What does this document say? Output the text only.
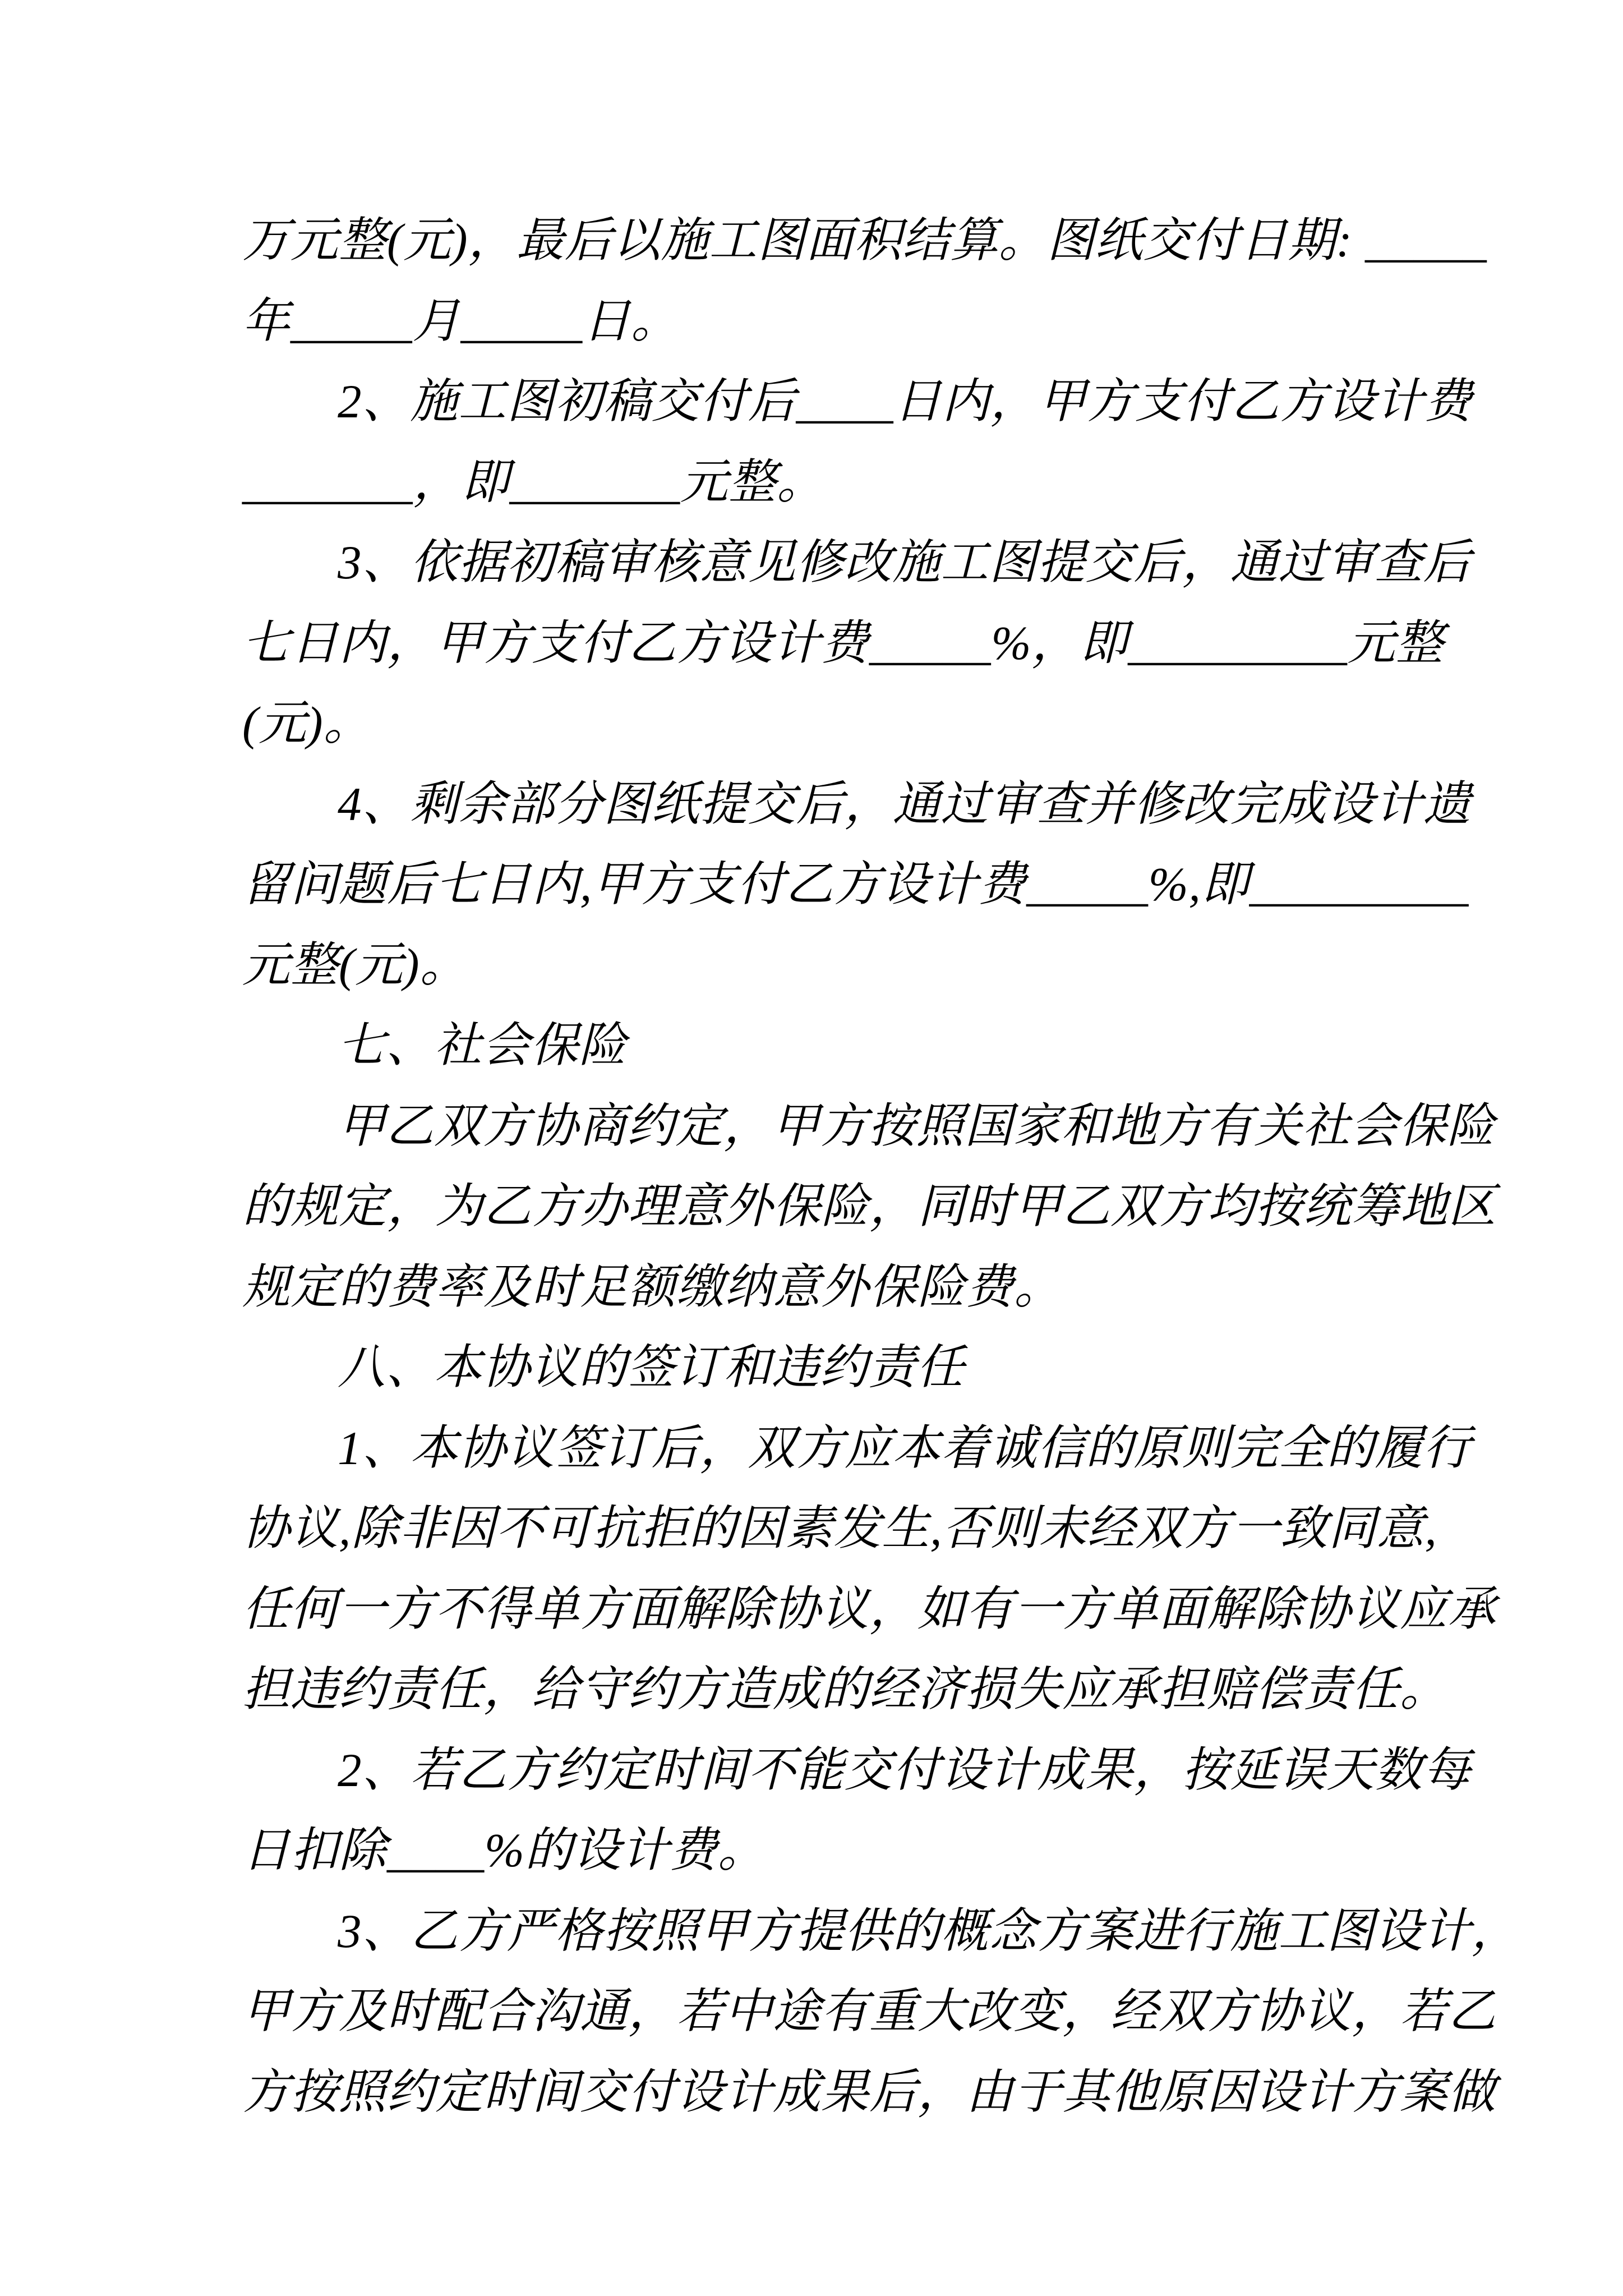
万元整(元)，最后以施工图面积结算。图纸交付日期: _____
年_____月_____日。
2、施工图初稿交付后____日内，甲方支付乙方设计费
_______，即_______元整。
3、依据初稿审核意见修改施工图提交后，通过审查后
七日内，甲方支付乙方设计费_____%，即_________元整
(元)。
4、剩余部分图纸提交后，通过审查并修改完成设计遗
留问题后七日内,甲方支付乙方设计费_____%,即_________
元整(元)。
七、社会保险
甲乙双方协商约定，甲方按照国家和地方有关社会保险
的规定，为乙方办理意外保险，同时甲乙双方均按统筹地区
规定的费率及时足额缴纳意外保险费。
八、本协议的签订和违约责任
1、本协议签订后，双方应本着诚信的原则完全的履行
协议,除非因不可抗拒的因素发生,否则未经双方一致同意,
任何一方不得单方面解除协议，如有一方单面解除协议应承
担违约责任，给守约方造成的经济损失应承担赔偿责任。
2、若乙方约定时间不能交付设计成果，按延误天数每
日扣除____%的设计费。
3、乙方严格按照甲方提供的概念方案进行施工图设计，
甲方及时配合沟通，若中途有重大改变，经双方协议，若乙
方按照约定时间交付设计成果后，由于其他原因设计方案做
